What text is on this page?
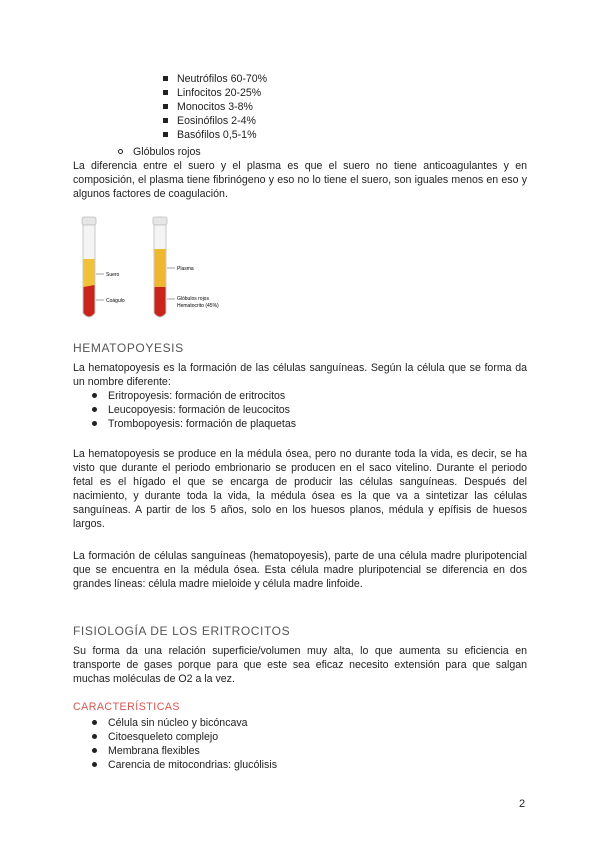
Neutrófilos 60-70%
Linfocitos 20-25%
Monocitos 3-8%
Eosinófilos 2-4%
Basófilos 0,5-1%
Glóbulos rojos

La diferencia entre el suero y el plasma es que el suero no tiene anticoagulantes y en composición, el plasma tiene fibrinógeno y eso no lo tiene el suero, son iguales menos en eso y algunos factores de coagulación.

Suero
Coágulo
Plasma
Glóbulos rojos
Hematocrito (45%)
HEMATOPOYESIS

La hematopoyesis es la formación de las células sanguíneas. Según la célula que se forma da un nombre diferente:

Eritropoyesis: formación de eritrocitos
Leucopoyesis: formación de leucocitos
Trombopoyesis: formación de plaquetas

La hematopoyesis se produce en la médula ósea, pero no durante toda la vida, es decir, se ha visto que durante el periodo embrionario se producen en el saco vitelino. Durante el periodo fetal es el hígado el que se encarga de producir las células sanguíneas. Después del nacimiento, y durante toda la vida, la médula ósea es la que va a sintetizar las células sanguíneas. A partir de los 5 años, solo en los huesos planos, médula y epífisis de huesos largos.

La formación de células sanguíneas (hematopoyesis), parte de una célula madre pluripotencial que se encuentra en la médula ósea. Esta célula madre pluripotencial se diferencia en dos grandes líneas: célula madre mieloide y célula madre linfoide.

FISIOLOGÍA DE LOS ERITROCITOS

Su forma da una relación superficie/volumen muy alta, lo que aumenta su eficiencia en transporte de gases porque para que este sea eficaz necesito extensión para que salgan muchas moléculas de O2 a la vez.

CARACTERÍSTICAS
Célula sin núcleo y bicóncava
Citoesqueleto complejo
Membrana flexibles
Carencia de mitocondrias: glucólisis
2
